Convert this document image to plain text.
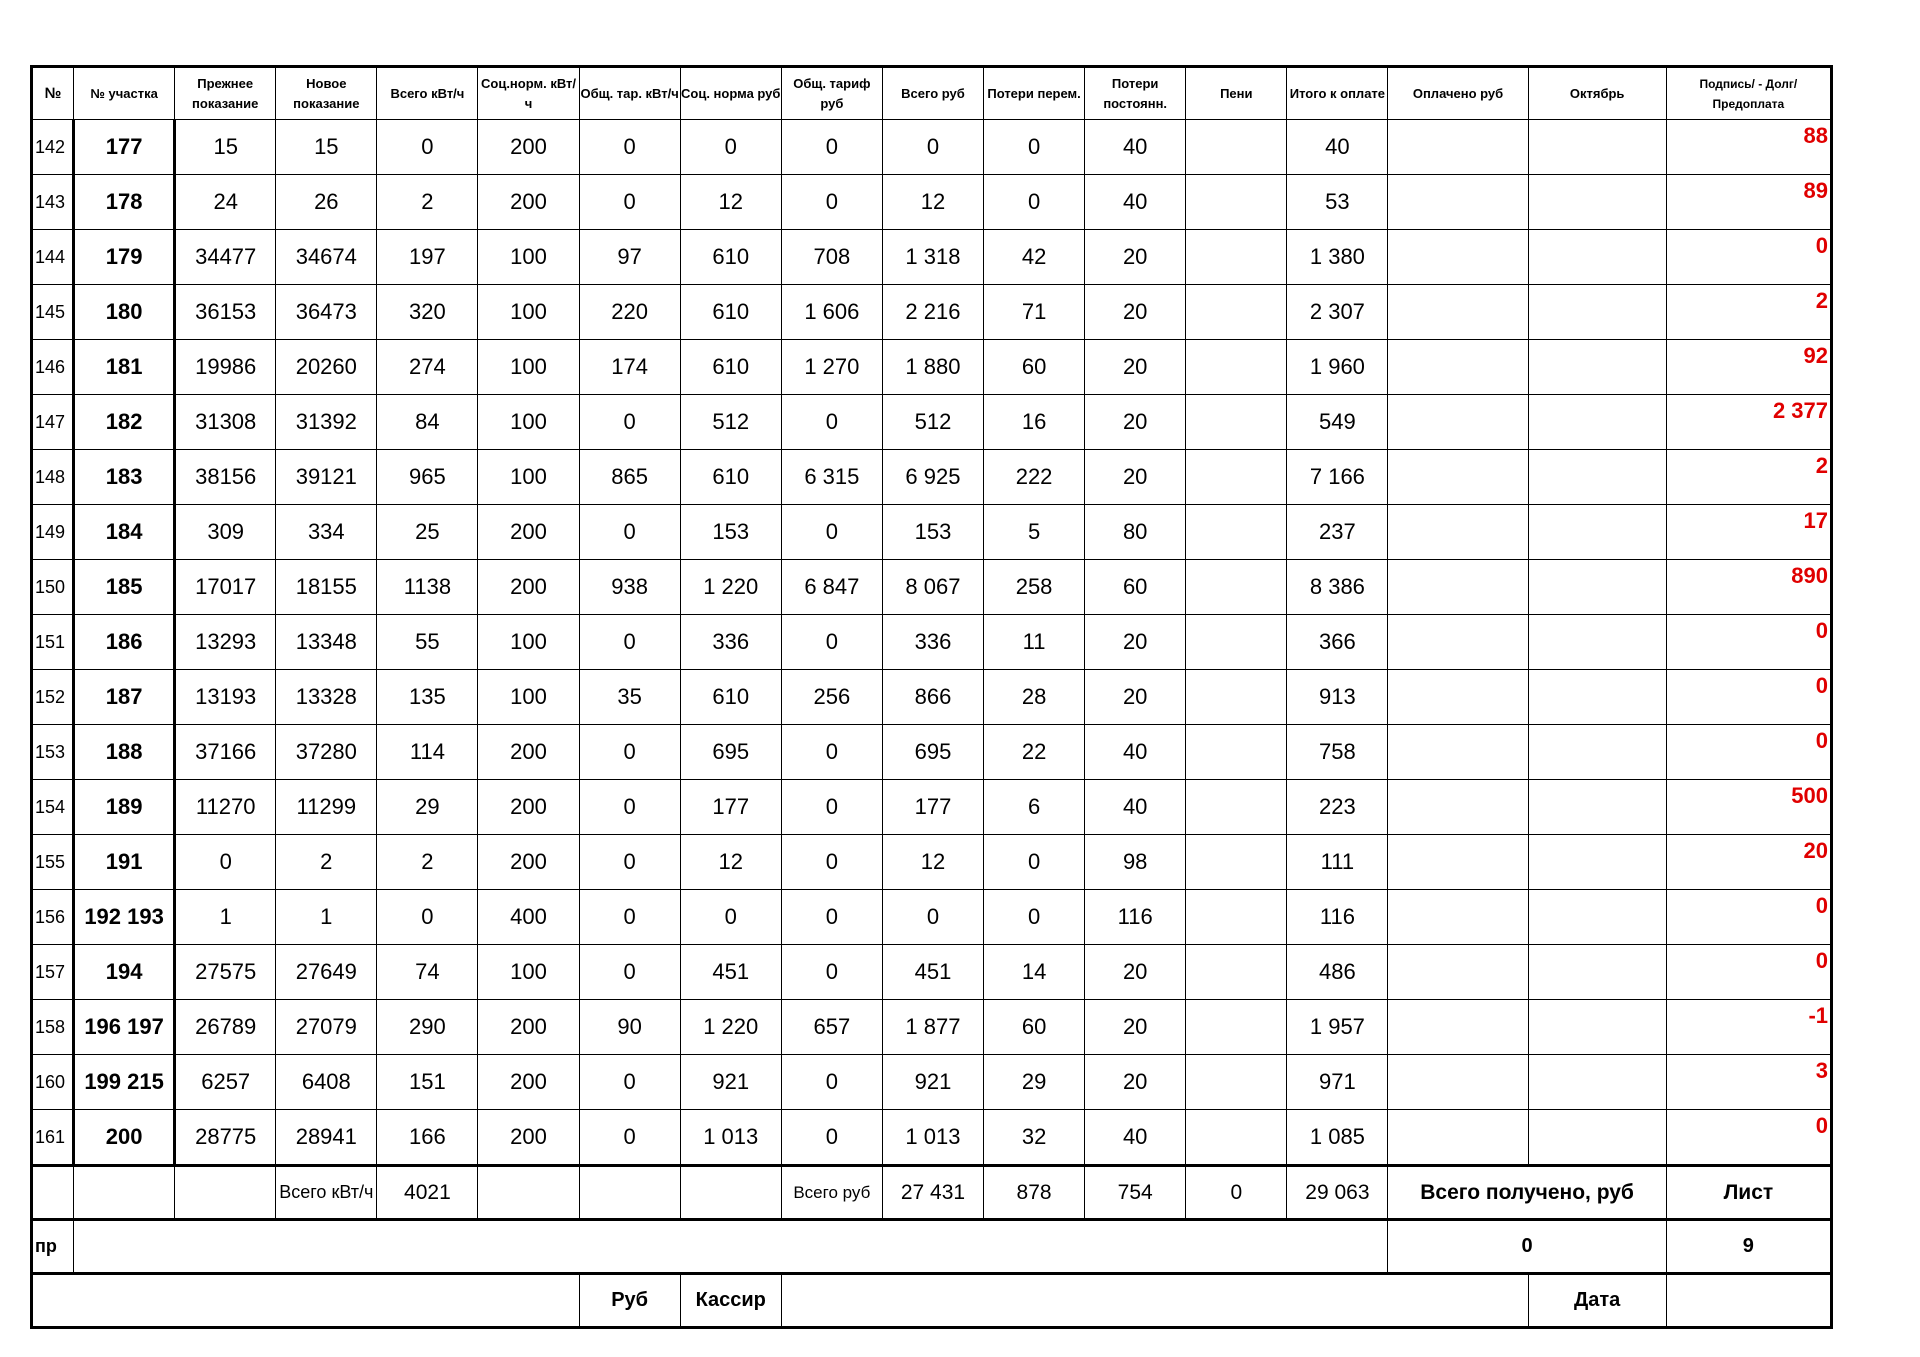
№	№ участка	Прежнее показание	Новое показание	Всего кВт/ч	Соц.норм. кВт/ч	Общ. тар. кВт/ч	Соц. норма руб	Общ. тариф руб	Всего руб	Потери перем.	Потери постоянн.	Пени	Итого к оплате	Оплачено руб	Октябрь	Подпись/ - Долг/Предоплата
142	177	15	15	0	200	0	0	0	0	0	40		40			88
143	178	24	26	2	200	0	12	0	12	0	40		53			89
144	179	34477	34674	197	100	97	610	708	1 318	42	20		1 380			0
145	180	36153	36473	320	100	220	610	1 606	2 216	71	20		2 307			2
146	181	19986	20260	274	100	174	610	1 270	1 880	60	20		1 960			92
147	182	31308	31392	84	100	0	512	0	512	16	20		549			2 377
148	183	38156	39121	965	100	865	610	6 315	6 925	222	20		7 166			2
149	184	309	334	25	200	0	153	0	153	5	80		237			17
150	185	17017	18155	1138	200	938	1 220	6 847	8 067	258	60		8 386			890
151	186	13293	13348	55	100	0	336	0	336	11	20		366			0
152	187	13193	13328	135	100	35	610	256	866	28	20		913			0
153	188	37166	37280	114	200	0	695	0	695	22	40		758			0
154	189	11270	11299	29	200	0	177	0	177	6	40		223			500
155	191	0	2	2	200	0	12	0	12	0	98		111			20
156	192 193	1	1	0	400	0	0	0	0	0	116		116			0
157	194	27575	27649	74	100	0	451	0	451	14	20		486			0
158	196 197	26789	27079	290	200	90	1 220	657	1 877	60	20		1 957			-1
160	199 215	6257	6408	151	200	0	921	0	921	29	20		971			3
161	200	28775	28941	166	200	0	1 013	0	1 013	32	40		1 085			0
			Всего кВт/ч	4021				Всего руб	27 431	878	754	0	29 063	Всего получено, руб		Лист
пр														0		9
						Руб	Кассир								Дата	
